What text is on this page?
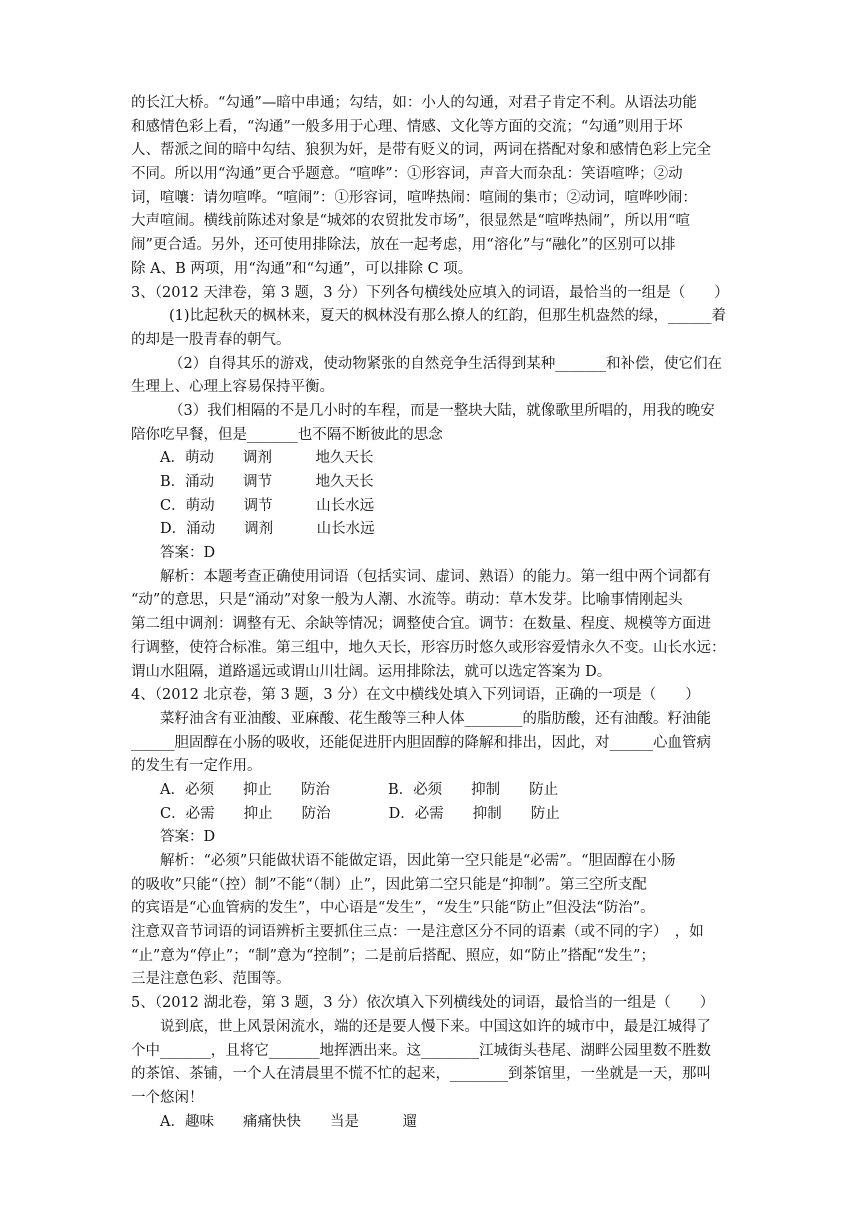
的长江大桥。“勾通”—暗中串通；勾结，如：小人的勾通，对君子肯定不利。从语法功能
和感情色彩上看，“沟通”一般多用于心理、情感、文化等方面的交流；“勾通”则用于坏
人、帮派之间的暗中勾结、狼狈为奸，是带有贬义的词，两词在搭配对象和感情色彩上完全
不同。所以用“沟通”更合乎题意。“喧哗”：①形容词，声音大而杂乱：笑语喧哗；②动
词，喧嚷：请勿喧哗。“喧闹”：①形容词，喧哗热闹：喧闹的集市；②动词，喧哗吵闹：
大声喧闹。横线前陈述对象是“城郊的农贸批发市场”，很显然是“喧哗热闹”，所以用“喧
闹”更合适。另外，还可使用排除法，放在一起考虑，用“溶化”与“融化”的区别可以排
除 A、B 两项，用“沟通”和“勾通”，可以排除 C 项。
3、（2012 天津卷，第 3 题，3 分）下列各句横线处应填入的词语，最恰当的一组是（　　）
(1)比起秋天的枫林来，夏天的枫林没有那么撩人的红韵，但那生机盎然的绿，______着
的却是一股青春的朝气。
（2）自得其乐的游戏，使动物紧张的自然竞争生活得到某种_______和补偿，使它们在
生理上、心理上容易保持平衡。
（3）我们相隔的不是几小时的车程，而是一整块大陆，就像歌里所唱的，用我的晚安
陪你吃早餐，但是_______也不隔不断彼此的思念
A．萌动　　调剂　　　地久天长
B．涌动　　调节　　　地久天长
C．萌动　　调节　　　山长水远
D．涌动　　调剂　　　山长水远
答案：D
解析：本题考查正确使用词语（包括实词、虚词、熟语）的能力。第一组中两个词都有
“动”的意思，只是“涌动”对象一般为人潮、水流等。萌动：草木发芽。比喻事情刚起头
第二组中调剂：调整有无、余缺等情况；调整使合宜。调节：在数量、程度、规模等方面进
行调整，使符合标准。第三组中，地久天长，形容历时悠久或形容爱情永久不变。山长水远：
谓山水阻隔，道路遥远或谓山川壮阔。运用排除法，就可以选定答案为 D。
4、（2012 北京卷，第 3 题，3 分）在文中横线处填入下列词语，正确的一项是（　　）
菜籽油含有亚油酸、亚麻酸、花生酸等三种人体________的脂肪酸，还有油酸。籽油能
______胆固醇在小肠的吸收，还能促进肝内胆固醇的降解和排出，因此，对______心血管病
的发生有一定作用。
A．必须　　抑止　　防治　　　　B．必须　　抑制　　防止
C．必需　　抑止　　防治　　　　D．必需　　抑制　　防止
答案：D
解析：“必须”只能做状语不能做定语，因此第一空只能是“必需”。“胆固醇在小肠
的吸收”只能“（控）制”不能“（制）止”，因此第二空只能是“抑制”。第三空所支配
的宾语是“心血管病的发生”，中心语是“发生”，“发生”只能“防止”但没法“防治”。
注意双音节词语的词语辨析主要抓住三点：一是注意区分不同的语素（或不同的字）　，如
“止”意为“停止”；“制”意为“控制”；二是前后搭配、照应，如“防止”搭配“发生”；
三是注意色彩、范围等。
5、（2012 湖北卷，第 3 题，3 分）依次填入下列横线处的词语，最恰当的一组是（　　）
说到底，世上风景闲流水，端的还是要人慢下来。中国这如许的城市中，最是江城得了
个中_______，且将它_______地挥洒出来。这________江城街头巷尾、湖畔公园里数不胜数
的茶馆、茶铺，一个人在清晨里不慌不忙的起来，________到茶馆里，一坐就是一天，那叫
一个悠闲！
A．趣味　　痛痛快快　　当是　　　遛
